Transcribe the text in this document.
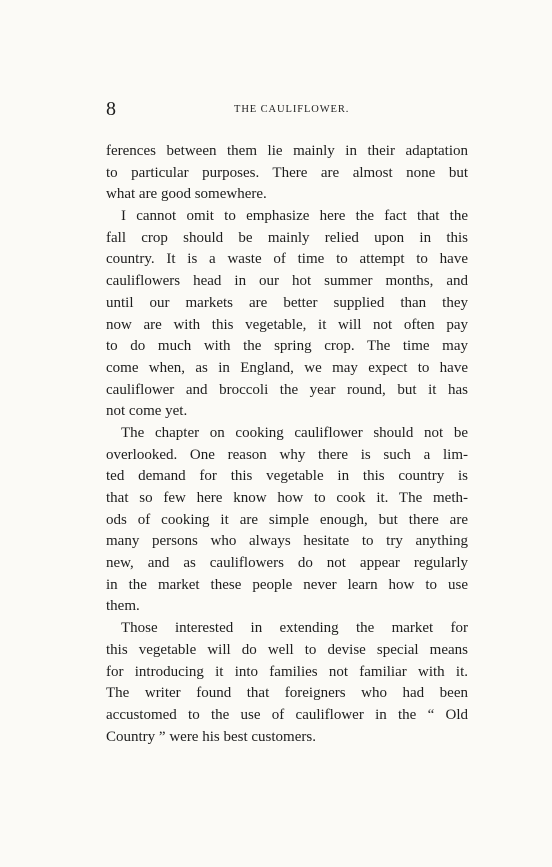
8	THE CAULIFLOWER.
ferences between them lie mainly in their adaptation
to particular purposes. There are almost none but
what are good somewhere.
I cannot omit to emphasize here the fact that the
fall crop should be mainly relied upon in this
country. It is a waste of time to attempt to have
cauliflowers head in our hot summer months, and
until our markets are better supplied than they
now are with this vegetable, it will not often pay
to do much with the spring crop. The time may
come when, as in England, we may expect to have
cauliflower and broccoli the year round, but it has
not come yet.
The chapter on cooking cauliflower should not be
overlooked. One reason why there is such a lim-
ted demand for this vegetable in this country is
that so few here know how to cook it. The meth-
ods of cooking it are simple enough, but there are
many persons who always hesitate to try anything
new, and as cauliflowers do not appear regularly
in the market these people never learn how to use
them.
Those interested in extending the market for
this vegetable will do well to devise special means
for introducing it into families not familiar with it.
The writer found that foreigners who had been
accustomed to the use of cauliflower in the “ Old
Country ” were his best customers.
